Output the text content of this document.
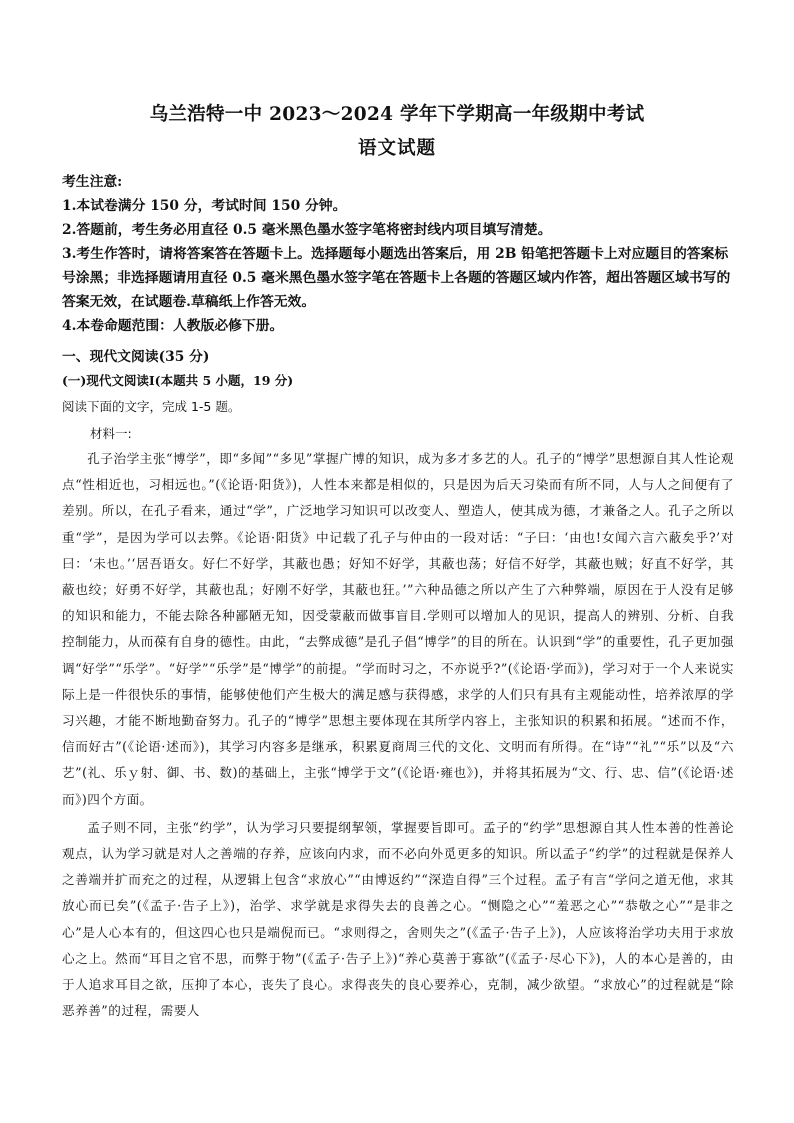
乌兰浩特一中 2023～2024 学年下学期高一年级期中考试
语文试题

考生注意:

1.本试卷满分 150 分，考试时间 150 分钟。

2.答题前，考生务必用直径 0.5 毫米黑色墨水签字笔将密封线内项目填写清楚。

3.考生作答时，请将答案答在答题卡上。选择题每小题选出答案后，用 2B 铅笔把答题卡上对应题目的答案标号涂黑；非选择题请用直径 0.5 毫米黑色墨水签字笔在答题卡上各题的答题区域内作答，超出答题区域书写的答案无效，在试题卷.草稿纸上作答无效。

4.本卷命题范围：人教版必修下册。

一、现代文阅读(35 分)
(一)现代文阅读Ⅰ(本题共 5 小题，19 分)
阅读下面的文字，完成 1-5 题。
材料一:

孔子治学主张“博学”，即“多闻”“多见”掌握广博的知识，成为多才多艺的人。孔子的“博学”思想源自其人性论观点“性相近也，习相远也。”(《论语·阳货》)，人性本来都是相似的，只是因为后天习染而有所不同，人与人之间便有了差别。所以，在孔子看来，通过“学”，广泛地学习知识可以改变人、塑造人，使其成为德，才兼备之人。孔子之所以重“学”，是因为学可以去弊。《论语·阳货》中记载了孔子与仲由的一段对话：“子曰：‘由也!女闻六言六蔽矣乎?’对曰：‘未也。’‘居吾语女。好仁不好学，其蔽也愚；好知不好学，其蔽也荡；好信不好学，其蔽也贼；好直不好学，其蔽也绞；好勇不好学，其蔽也乱；好刚不好学，其蔽也狂。’”六种品德之所以产生了六种弊端，原因在于人没有足够的知识和能力，不能去除各种鄙陋无知，因受蒙蔽而做事盲目.学则可以增加人的见识，提高人的辨别、分析、自我控制能力，从而葆有自身的德性。由此，“去弊成德”是孔子倡“博学”的目的所在。认识到“学”的重要性，孔子更加强调“好学”“乐学”。“好学”“乐学”是“博学”的前提。“学而时习之，不亦说乎?”(《论语·学而》)，学习对于一个人来说实际上是一件很快乐的事情，能够使他们产生极大的满足感与获得感，求学的人们只有具有主观能动性，培养浓厚的学习兴趣，才能不断地勤奋努力。孔子的“博学”思想主要体现在其所学内容上，主张知识的积累和拓展。“述而不作，信而好古”(《论语·述而》)，其学习内容多是继承，积累夏商周三代的文化、文明而有所得。在“诗”“礼”“乐”以及“六艺”(礼、乐ｙ射、御、书、数)的基础上，主张“博学于文”(《论语·雍也》)，并将其拓展为“文、行、忠、信”(《论语·述而》)四个方面。

孟子则不同，主张“约学”，认为学习只要提纲挈领，掌握要旨即可。孟子的“约学”思想源自其人性本善的性善论观点，认为学习就是对人之善端的存养，应该向内求，而不必向外觅更多的知识。所以孟子“约学”的过程就是保养人之善端并扩而充之的过程，从逻辑上包含“求放心”“由博返约”“深造自得”三个过程。孟子有言“学问之道无他，求其放心而已矣”(《孟子·告子上》)，治学、求学就是求得失去的良善之心。“恻隐之心”“羞恶之心”“恭敬之心”“是非之心”是人心本有的，但这四心也只是端倪而已。“求则得之，舍则失之”(《孟子·告子上》)，人应该将治学功夫用于求放心之上。然而“耳目之官不思，而弊于物”(《孟子·告子上》)“养心莫善于寡欲”(《孟子·尽心下》)，人的本心是善的，由于人追求耳目之欲，压抑了本心，丧失了良心。求得丧失的良心要养心，克制，减少欲望。“求放心”的过程就是“除恶养善”的过程，需要人
